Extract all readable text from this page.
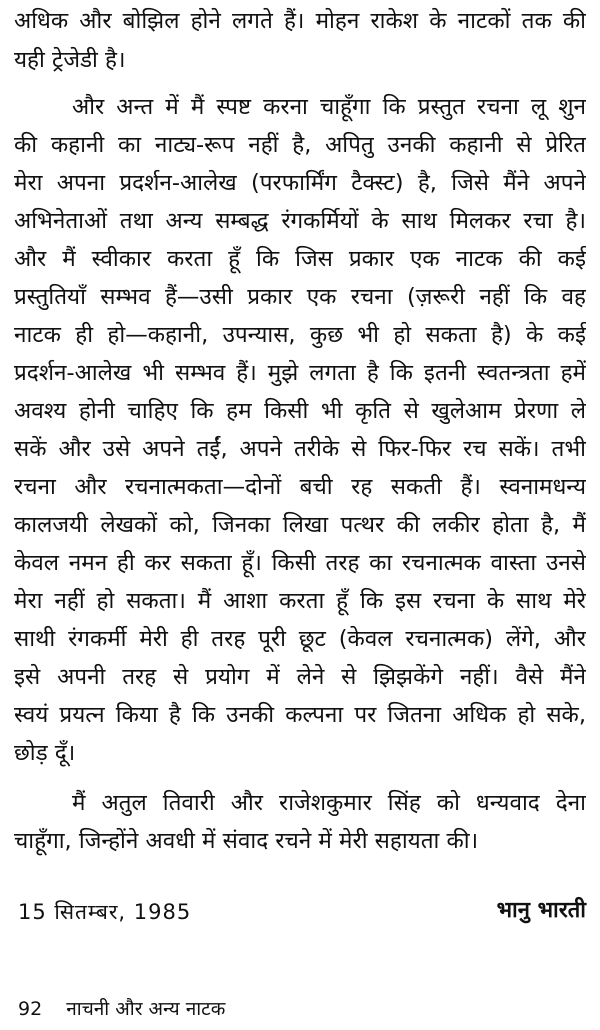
अधिक और बोझिल होने लगते हैं। मोहन राकेश के नाटकों तक की
यही ट्रेजेडी है।
और अन्त में मैं स्पष्ट करना चाहूँगा कि प्रस्तुत रचना लू शुन
की कहानी का नाट्य-रूप नहीं है, अपितु उनकी कहानी से प्रेरित
मेरा अपना प्रदर्शन-आलेख (परफार्मिंग टैक्स्ट) है, जिसे मैंने अपने
अभिनेताओं तथा अन्य सम्बद्ध रंगकर्मियों के साथ मिलकर रचा है।
और मैं स्वीकार करता हूँ कि जिस प्रकार एक नाटक की कई
प्रस्तुतियाँ सम्भव हैं—उसी प्रकार एक रचना (ज़रूरी नहीं कि वह
नाटक ही हो—कहानी, उपन्यास, कुछ भी हो सकता है) के कई
प्रदर्शन-आलेख भी सम्भव हैं। मुझे लगता है कि इतनी स्वतन्त्रता हमें
अवश्य होनी चाहिए कि हम किसी भी कृति से खुलेआम प्रेरणा ले
सकें और उसे अपने तईं, अपने तरीके से फिर-फिर रच सकें। तभी
रचना और रचनात्मकता—दोनों बची रह सकती हैं। स्वनामधन्य
कालजयी लेखकों को, जिनका लिखा पत्थर की लकीर होता है, मैं
केवल नमन ही कर सकता हूँ। किसी तरह का रचनात्मक वास्ता उनसे
मेरा नहीं हो सकता। मैं आशा करता हूँ कि इस रचना के साथ मेरे
साथी रंगकर्मी मेरी ही तरह पूरी छूट (केवल रचनात्मक) लेंगे, और
इसे अपनी तरह से प्रयोग में लेने से झिझकेंगे नहीं। वैसे मैंने
स्वयं प्रयत्न किया है कि उनकी कल्पना पर जितना अधिक हो सके,
छोड़ दूँ।
मैं अतुल तिवारी और राजेशकुमार सिंह को धन्यवाद देना
चाहूँगा, जिन्होंने अवधी में संवाद रचने में मेरी सहायता की।
15 सितम्बर, 1985	भानु भारती
92 नाचनी और अन्य नाटक
